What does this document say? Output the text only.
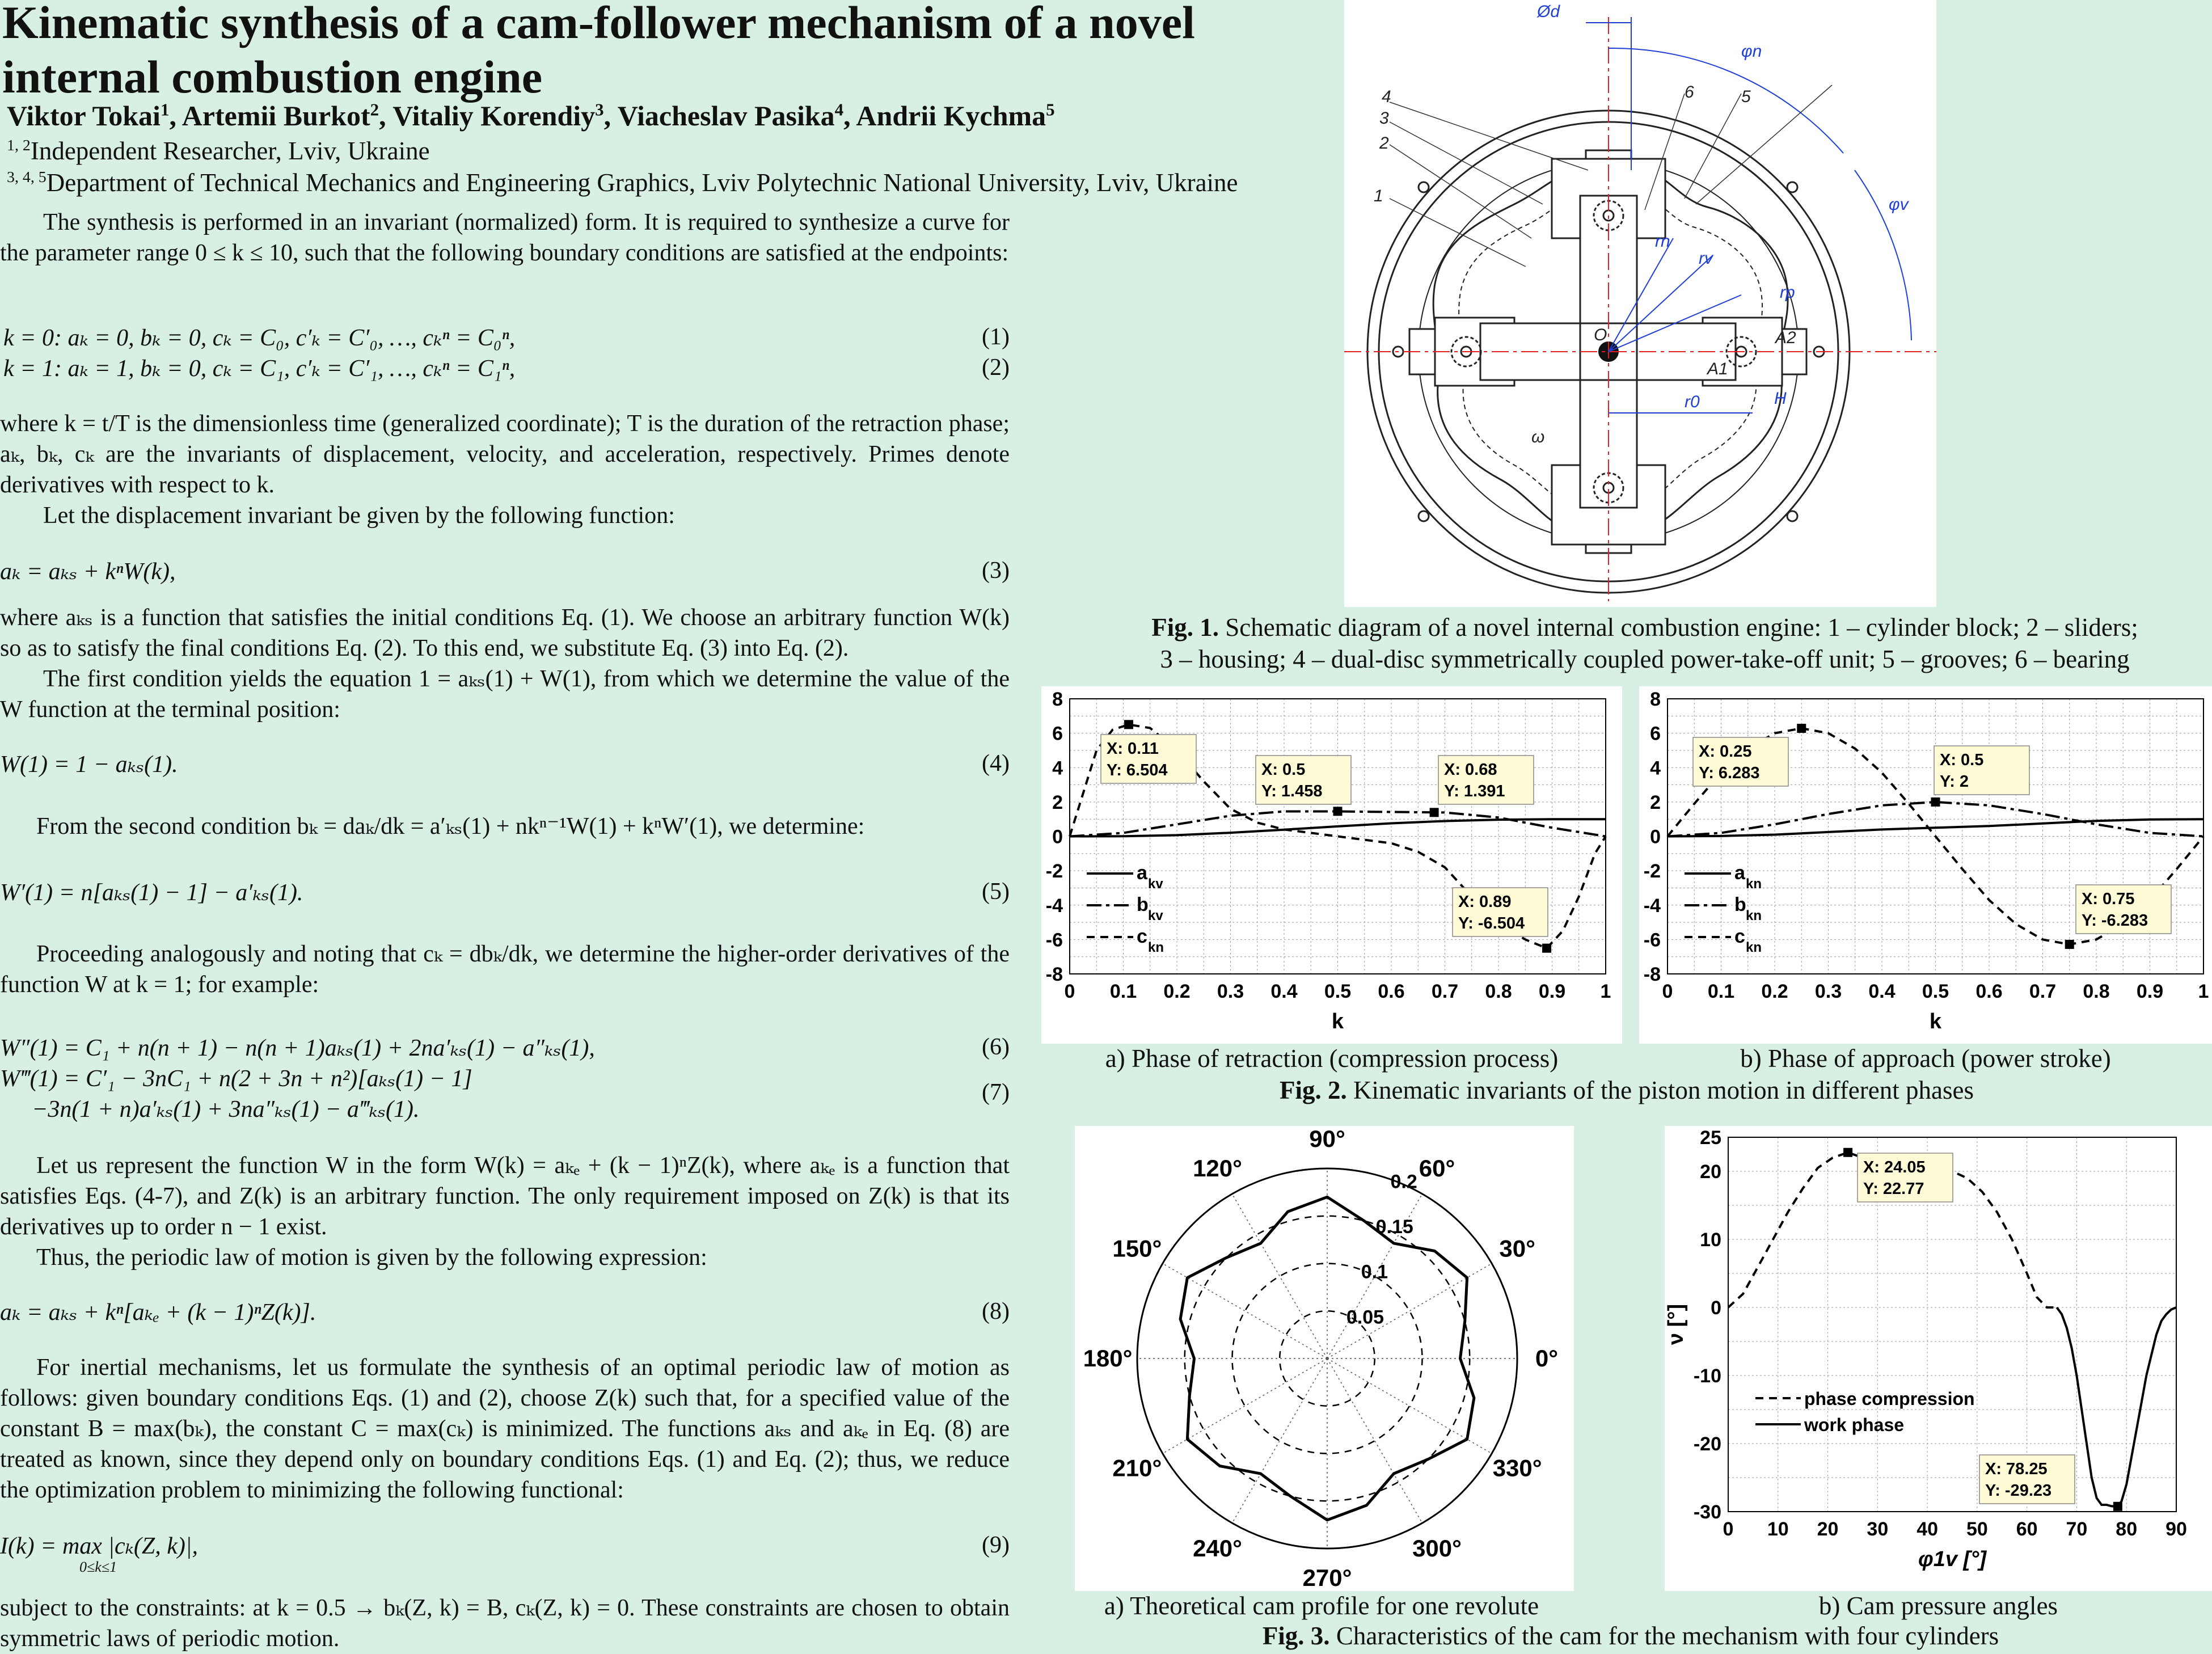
Kinematic synthesis of a cam-follower mechanism of a novel internal combustion engine
Viktor Tokai$^1$, Artemii Burkot$^2$, Vitaliy Korendiy$^3$, Viacheslav Pasika$^4$, Andrii Kychma$^5$
$^{1, 2}$Independent Researcher, Lviv, Ukraine
$^{3, 4, 5}$Department of Technical Mechanics and Engineering Graphics, Lviv Polytechnic National University, Lviv, Ukraine
The synthesis is performed in an invariant (normalized) form. It is required to synthesize a curve for the parameter range 0 ≤ k ≤ 10, such that the following boundary conditions are satisfied at the endpoints:
k = 0: aₖ = 0, bₖ = 0, cₖ = C₀, c′ₖ = C′₀, …, cₖⁿ = C₀ⁿ,	(1)
k = 1: aₖ = 1, bₖ = 0, cₖ = C₁, c′ₖ = C′₁, …, cₖⁿ = C₁ⁿ,	(2)
where k = t/T is the dimensionless time (generalized coordinate); T is the duration of the retraction phase; aₖ, bₖ, cₖ are the invariants of displacement, velocity, and acceleration, respectively. Primes denote derivatives with respect to k.
Let the displacement invariant be given by the following function:
aₖ = aₖₛ + kⁿW(k),	(3)
where aₖₛ is a function that satisfies the initial conditions Eq. (1). We choose an arbitrary function W(k) so as to satisfy the final conditions Eq. (2). To this end, we substitute Eq. (3) into Eq. (2).
The first condition yields the equation 1 = aₖₛ(1) + W(1), from which we determine the value of the W function at the terminal position:
W(1) = 1 − aₖₛ(1).	(4)
From the second condition bₖ = daₖ/dk = a′ₖₛ(1) + nkⁿ⁻¹W(1) + kⁿW′(1), we determine:
W′(1) = n[aₖₛ(1) − 1] − a′ₖₛ(1).	(5)
Proceeding analogously and noting that cₖ = dbₖ/dk, we determine the higher-order derivatives of the function W at k = 1; for example:
W″(1) = C₁ + n(n + 1) − n(n + 1)aₖₛ(1) + 2na′ₖₛ(1) − a″ₖₛ(1),	(6)
W‴(1) = C′₁ − 3nC₁ + n(2 + 3n + n²)[aₖₛ(1) − 1]
−3n(1 + n)a′ₖₛ(1) + 3na″ₖₛ(1) − a‴ₖₛ(1).
(7)
Let us represent the function W in the form W(k) = aₖₑ + (k − 1)ⁿZ(k), where aₖₑ is a function that satisfies Eqs. (4-7), and Z(k) is an arbitrary function. The only requirement imposed on Z(k) is that its derivatives up to order n − 1 exist.
Thus, the periodic law of motion is given by the following expression:
aₖ = aₖₛ + kⁿ[aₖₑ + (k − 1)ⁿZ(k)].	(8)
For inertial mechanisms, let us formulate the synthesis of an optimal periodic law of motion as follows: given boundary conditions Eqs. (1) and (2), choose Z(k) such that, for a specified value of the constant B = max(bₖ), the constant C = max(cₖ) is minimized. The functions aₖₛ and aₖₑ in Eq. (8) are treated as known, since they depend only on boundary conditions Eqs. (1) and Eq. (2); thus, we reduce the optimization problem to minimizing the following functional:
I(k) = max |cₖ(Z, k)|,
0≤k≤1
(9)
subject to the constraints: at k = 0.5 → bₖ(Z, k) = B, cₖ(Z, k) = 0. These constraints are chosen to obtain symmetric laws of periodic motion.
4
3
2
1
6	5
O
A1
A2
ω
Ød
φn
φv
rn
rv
rp
r0	H
Fig. 1. Schematic diagram of a novel internal combustion engine: 1 – cylinder block; 2 – sliders;
3 – housing; 4 – dual-disc symmetrically coupled power-take-off unit; 5 – grooves; 6 – bearing
0 0.1 0.2 0.3 0.4 0.5 0.6 0.7 0.8 0.9 1
8
6
4
2
0
-2
-4
-6
-8
k
X: 0.11
Y: 6.504	X: 0.5
Y: 1.458
X: 0.68
Y: 1.391
X: 0.89
Y: -6.504
a
kv
b
kv
c
kn
0 0.1 0.2 0.3 0.4 0.5 0.6 0.7 0.8 0.9 1
8
6
4
2
0
-2
-4
-6
-8
k
X: 0.25
Y: 6.283
X: 0.5
Y: 2
X: 0.75
Y: -6.283
a
kn
b
kn
c
kn
a) Phase of retraction (compression process)	b) Phase of approach (power stroke)
Fig. 2. Kinematic invariants of the piston motion in different phases
0°
30°
60°
90°
120°
150°
180°
210°
240°
270°
300°
330°
0.05
0.1
0.15
0.2
0 10 20 30 40 50 60 70 80 90
25
20
10
0
-10
-20
-30
φ1v [°]
ν [°]
X: 24.05
Y: 22.77
X: 78.25
Y: -29.23
phase compression
work phase
a) Theoretical cam profile for one revolute	b) Cam pressure angles
Fig. 3. Characteristics of the cam for the mechanism with four cylinders
